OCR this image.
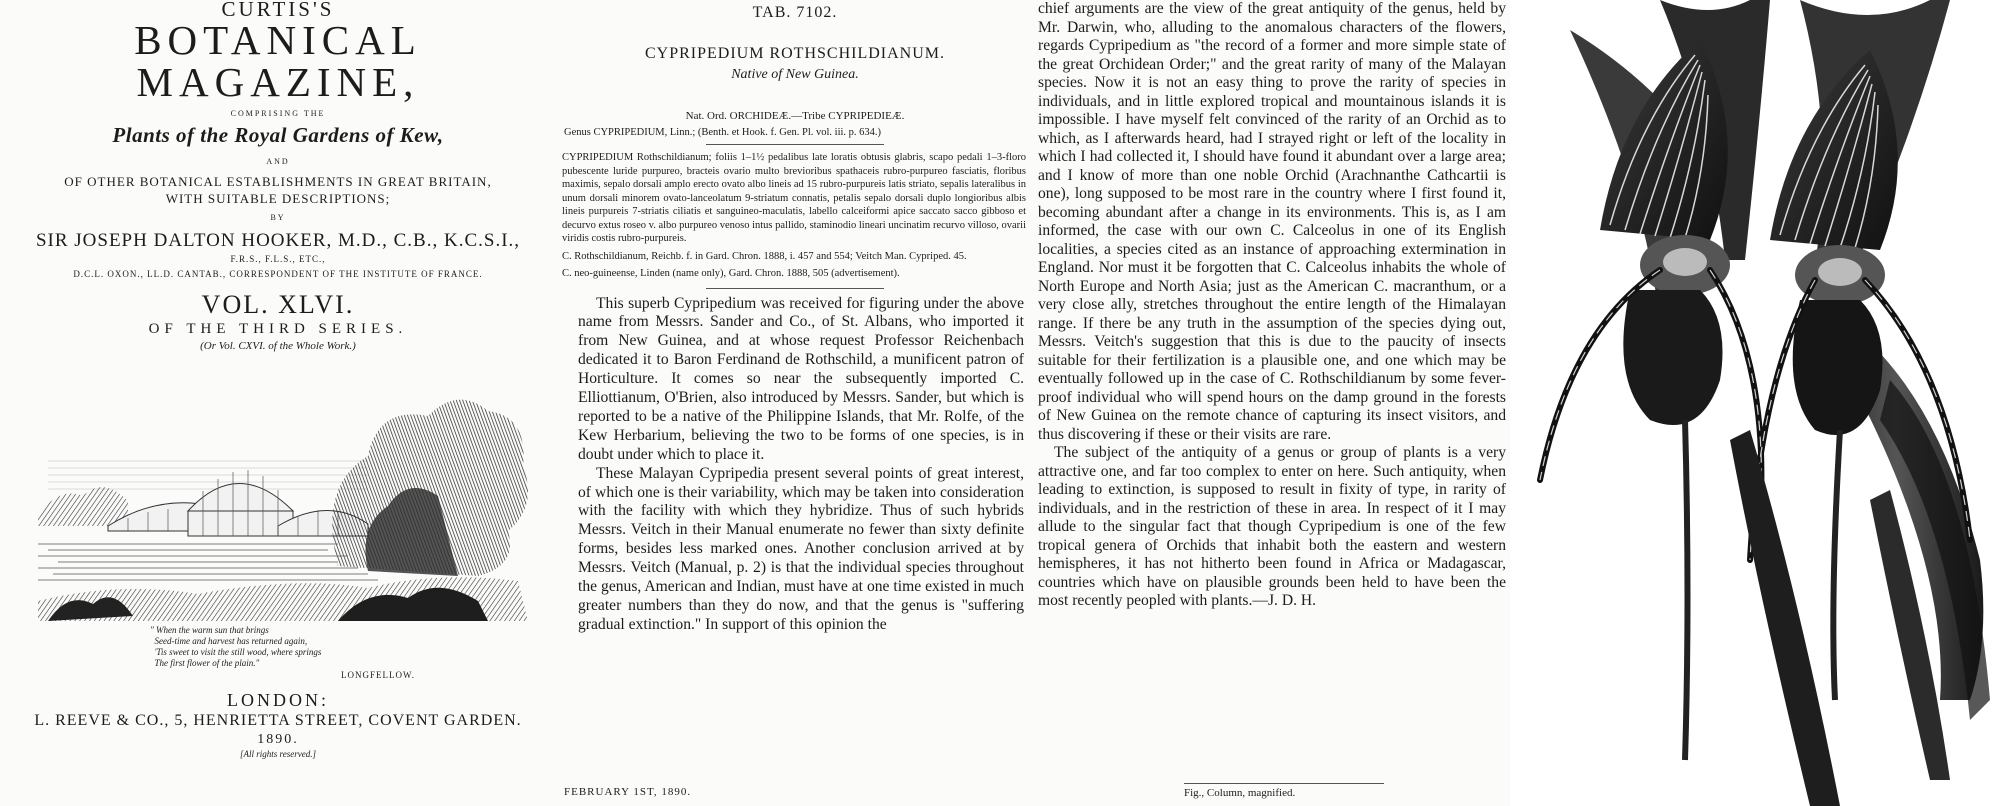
CURTIS'S
BOTANICAL MAGAZINE,
COMPRISING THE
Plants of the Royal Gardens of Kew,
AND
OF OTHER BOTANICAL ESTABLISHMENTS IN GREAT BRITAIN,
WITH SUITABLE DESCRIPTIONS;
BY
SIR JOSEPH DALTON HOOKER, M.D., C.B., K.C.S.I.,
F.R.S., F.L.S., ETC.,
D.C.L. OXON., LL.D. CANTAB., CORRESPONDENT OF THE INSTITUTE OF FRANCE.
VOL. XLVI.
OF THE THIRD SERIES.
(Or Vol. CXVI. of the Whole Work.)
" When the warm sun that brings
Seed-time and harvest has returned again,
'Tis sweet to visit the still wood, where springs
The first flower of the plain."
LONGFELLOW.
LONDON:
L. REEVE & CO., 5, HENRIETTA STREET, COVENT GARDEN.
1890.
[All rights reserved.]
TAB. 7102.
CYPRIPEDIUM ROTHSCHILDIANUM.
Native of New Guinea.
Nat. Ord. ORCHIDEÆ.—Tribe CYPRIPEDIEÆ.
Genus CYPRIPEDIUM, Linn.; (Benth. et Hook. f. Gen. Pl. vol. iii. p. 634.)
CYPRIPEDIUM Rothschildianum; foliis 1–1½ pedalibus late loratis obtusis glabris, scapo pedali 1–3-floro pubescente luride purpureo, bracteis ovario multo brevioribus spathaceis rubro-purpureo fasciatis, floribus maximis, sepalo dorsali amplo erecto ovato albo lineis ad 15 rubro-purpureis latis striato, sepalis lateralibus in unum dorsali minorem ovato-lanceolatum 9-striatum connatis, petalis sepalo dorsali duplo longioribus albis lineis purpureis 7-striatis ciliatis et sanguineo-maculatis, labello calceiformi apice saccato sacco gibboso et decurvo extus roseo v. albo purpureo venoso intus pallido, staminodio lineari uncinatim recurvo villoso, ovarii viridis costis rubro-purpureis.
C. Rothschildianum, Reichb. f. in Gard. Chron. 1888, i. 457 and 554; Veitch Man. Cypriped. 45.
C. neo-guineense, Linden (name only), Gard. Chron. 1888, 505 (advertisement).

This superb Cypripedium was received for figuring under the above name from Messrs. Sander and Co., of St. Albans, who imported it from New Guinea, and at whose request Professor Reichenbach dedicated it to Baron Ferdinand de Rothschild, a munificent patron of Horticulture. It comes so near the subsequently imported C. Elliottianum, O'Brien, also introduced by Messrs. Sander, but which is reported to be a native of the Philippine Islands, that Mr. Rolfe, of the Kew Herbarium, believing the two to be forms of one species, is in doubt under which to place it.

These Malayan Cypripedia present several points of great interest, of which one is their variability, which may be taken into consideration with the facility with which they hybridize. Thus of such hybrids Messrs. Veitch in their Manual enumerate no fewer than sixty definite forms, besides less marked ones. Another conclusion arrived at by Messrs. Veitch (Manual, p. 2) is that the individual species throughout the genus, American and Indian, must have at one time existed in much greater numbers than they do now, and that the genus is "suffering gradual extinction." In support of this opinion the

FEBRUARY 1ST, 1890.

chief arguments are the view of the great antiquity of the genus, held by Mr. Darwin, who, alluding to the anomalous characters of the flowers, regards Cypripedium as "the record of a former and more simple state of the great Orchidean Order;" and the great rarity of many of the Malayan species. Now it is not an easy thing to prove the rarity of species in individuals, and in little explored tropical and mountainous islands it is impossible. I have myself felt convinced of the rarity of an Orchid as to which, as I afterwards heard, had I strayed right or left of the locality in which I had collected it, I should have found it abundant over a large area; and I know of more than one noble Orchid (Arachnanthe Cathcartii is one), long supposed to be most rare in the country where I first found it, becoming abundant after a change in its environments. This is, as I am informed, the case with our own C. Calceolus in one of its English localities, a species cited as an instance of approaching extermination in England. Nor must it be forgotten that C. Calceolus inhabits the whole of North Europe and North Asia; just as the American C. macranthum, or a very close ally, stretches throughout the entire length of the Himalayan range. If there be any truth in the assumption of the species dying out, Messrs. Veitch's suggestion that this is due to the paucity of insects suitable for their fertilization is a plausible one, and one which may be eventually followed up in the case of C. Rothschildianum by some fever-proof individual who will spend hours on the damp ground in the forests of New Guinea on the remote chance of capturing its insect visitors, and thus discovering if these or their visits are rare.

The subject of the antiquity of a genus or group of plants is a very attractive one, and far too complex to enter on here. Such antiquity, when leading to extinction, is supposed to result in fixity of type, in rarity of individuals, and in the restriction of these in area. In respect of it I may allude to the singular fact that though Cypripedium is one of the few tropical genera of Orchids that inhabit both the eastern and western hemispheres, it has not hitherto been found in Africa or Madagascar, countries which have on plausible grounds been held to have been the most recently peopled with plants.—J. D. H.

Fig., Column, magnified.
